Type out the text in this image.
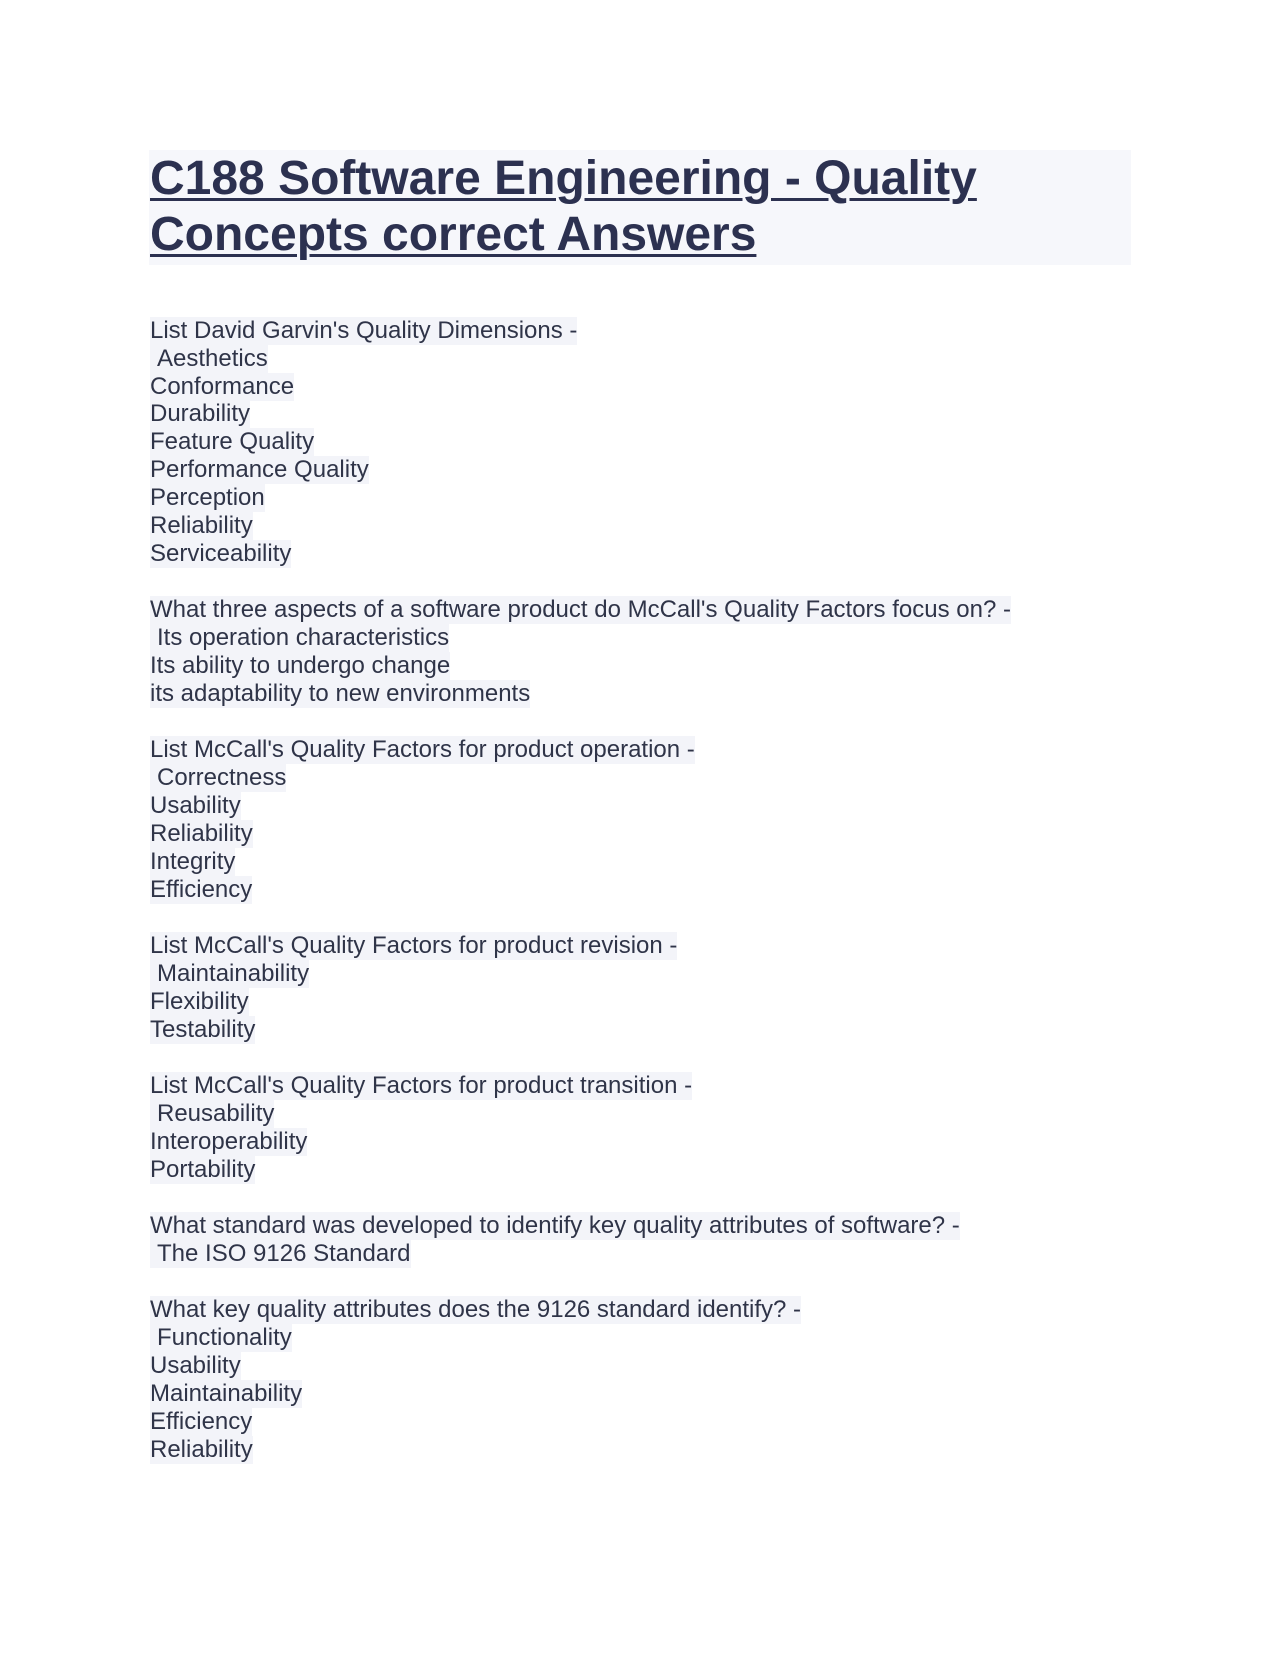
C188 Software Engineering - Quality
Concepts correct Answers
List David Garvin's Quality Dimensions -
Aesthetics
Conformance
Durability
Feature Quality
Performance Quality
Perception
Reliability
Serviceability
What three aspects of a software product do McCall's Quality Factors focus on? -
Its operation characteristics
Its ability to undergo change
its adaptability to new environments
List McCall's Quality Factors for product operation -
Correctness
Usability
Reliability
Integrity
Efficiency
List McCall's Quality Factors for product revision -
Maintainability
Flexibility
Testability
List McCall's Quality Factors for product transition -
Reusability
Interoperability
Portability
What standard was developed to identify key quality attributes of software? -
The ISO 9126 Standard
What key quality attributes does the 9126 standard identify? -
Functionality
Usability
Maintainability
Efficiency
Reliability
